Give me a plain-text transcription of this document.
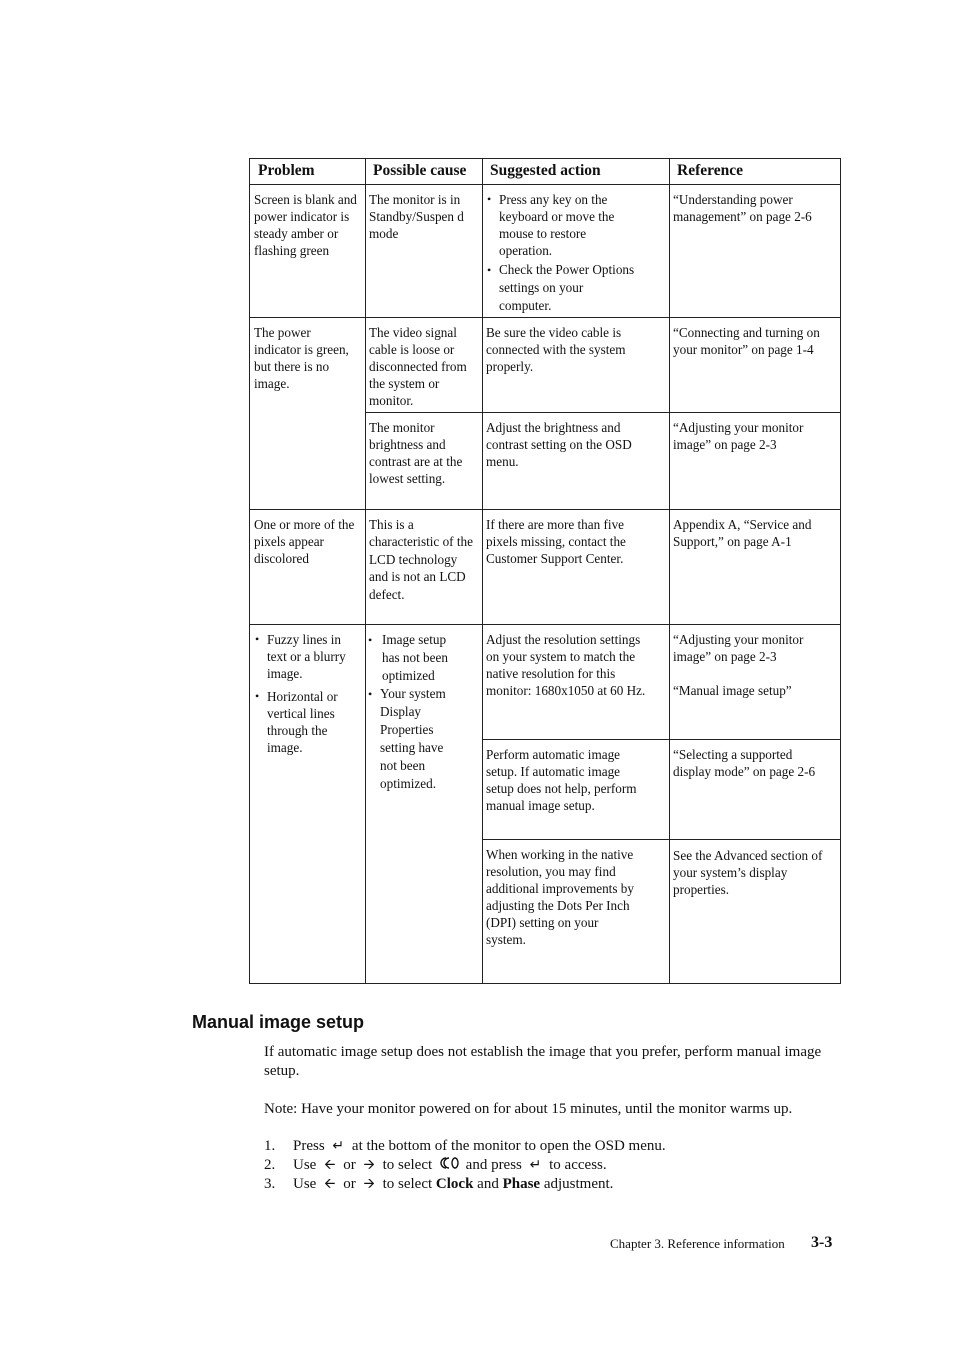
Problem	Possible cause Suggested action	Reference
Screen is blank and power indicator is steady amber or flashing green
The monitor is in Standby/Suspen d mode
• Press any key on the keyboard or move the mouse to restore operation.
• Check the Power Options settings on your computer.
“Understanding power management” on page 2-6
The power indicator is green, but there is no image.
The video signal cable is loose or disconnected from the system or monitor.
Be sure the video cable is connected with the system properly.
“Connecting and turning on your monitor” on page 1-4
The monitor brightness and contrast are at the lowest setting.
Adjust the brightness and contrast setting on the OSD menu.
“Adjusting your monitor image” on page 2-3
One or more of the pixels appear discolored
This is a characteristic of the LCD technology and is not an LCD defect.
If there are more than five pixels missing, contact the Customer Support Center.
Appendix A, “Service and Support,” on page A-1
• Fuzzy lines in text or a blurry image.
• Horizontal or vertical lines through the image.
• Image setup has not been optimized
• Your system Display Properties setting have not been optimized.
Adjust the resolution settings on your system to match the native resolution for this monitor: 1680x1050 at 60 Hz.
“Adjusting your monitor image” on page 2-3
“Manual image setup”
Perform automatic image setup. If automatic image setup does not help, perform manual image setup.
“Selecting a supported display mode” on page 2-6
When working in the native resolution, you may find additional improvements by adjusting the Dots Per Inch (DPI) setting on your system.
See the Advanced section of your system’s display properties.
Manual image setup
If automatic image setup does not establish the image that you prefer, perform manual image setup.
Note: Have your monitor powered on for about 15 minutes, until the monitor warms up.
1. Press ↵ at the bottom of the monitor to open the OSD menu.
2. Use 🡨 or 🡪 to select and press ↵ to access.
3. Use 🡨 or 🡪 to select Clock and Phase adjustment.
Chapter 3. Reference information 3-3
